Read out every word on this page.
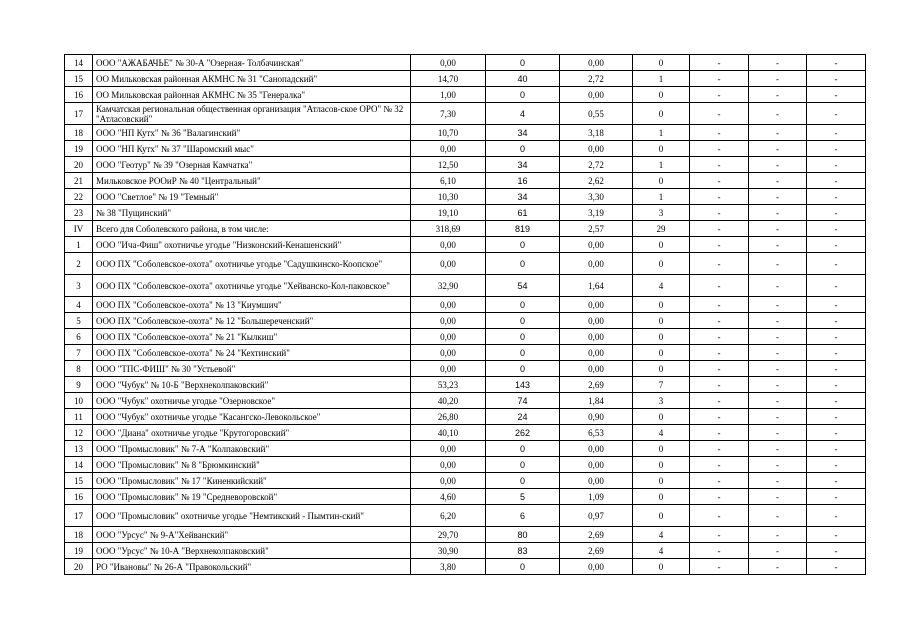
14	ООО "АЖАБАЧЬЕ" № 30-А "Озерная- Толбачинская"	0,00	0	0,00	0	-	-	-
15	ОО Мильковская районная АКМНС № 31 "Санопадский"	14,70	40	2,72	1	-	-	-
16	ОО Мильковская районная АКМНС № 35 "Генералка"	1,00	0	0,00	0	-	-	-
17	Камчатская региональная общественная организация "Атласов-ское ОРО" № 32 "Атласовский"	7,30	4	0,55	0	-	-	-
18	ООО "НП Кутх" № 36 "Валагинский"	10,70	34	3,18	1	-	-	-
19	ООО "НП Кутх" № 37 "Шаромский мыс"	0,00	0	0,00	0	-	-	-
20	ООО "Геотур" № 39 "Озерная Камчатка"	12,50	34	2,72	1	-	-	-
21	Мильковское РООиР № 40 "Центральный"	6,10	16	2,62	0	-	-	-
22	ООО "Светлое" № 19 "Темный"	10,30	34	3,30	1	-	-	-
23	№ 38 "Пущинский"	19,10	61	3,19	3	-	-	-
IV	Всего для Соболевского района, в том числе:	318,69	819	2,57	29	-	-	-
1	ООО "Ича-Фиш" охотничье угодье "Низконский-Кенашенский"	0,00	0	0,00	0	-	-	-
2	ООО ПХ "Соболевское-охота" охотничье угодье "Садушкинско-Коопское"	0,00	0	0,00	0	-	-	-
3	ООО ПХ "Соболевское-охота" охотничье угодье "Хейванско-Кол-паковское"	32,90	54	1,64	4	-	-	-
4	ООО ПХ "Соболевское-охота" № 13 "Киумшич"	0,00	0	0,00	0	-	-	-
5	ООО ПХ "Соболевское-охота" № 12 "Большереченский"	0,00	0	0,00	0	-	-	-
6	ООО ПХ "Соболевское-охота" № 21 "Кылкиш"	0,00	0	0,00	0	-	-	-
7	ООО ПХ "Соболевское-охота" № 24 "Кехтинский"	0,00	0	0,00	0	-	-	-
8	ООО "ТПС-ФИШ" № 30 "Устьевой"	0,00	0	0,00	0	-	-	-
9	ООО "Чубук" № 10-Б "Верхнеколпаковский"	53,23	143	2,69	7	-	-	-
10	ООО "Чубук" охотничье угодье "Озерновское"	40,20	74	1,84	3	-	-	-
11	ООО "Чубук" охотничье угодье "Касангско-Левокольское"	26,80	24	0,90	0	-	-	-
12	ООО "Диана" охотничье угодье "Крутогоровский"	40,10	262	6,53	4	-	-	-
13	ООО "Промысловик" № 7-А "Колпаковский"	0,00	0	0,00	0	-	-	-
14	ООО "Промысловик" № 8 "Брюмкинский"	0,00	0	0,00	0	-	-	-
15	ООО "Промысловик" № 17 "Киненкийский"	0,00	0	0,00	0	-	-	-
16	ООО "Промысловик" № 19 "Средневоровской"	4,60	5	1,09	0	-	-	-
17	ООО "Промысловик" охотничье угодье "Немтикский - Пымтин-ский"	6,20	6	0,97	0	-	-	-
18	ООО "Урсус" № 9-А"Хейванский"	29,70	80	2,69	4	-	-	-
19	ООО "Урсус" № 10-А "Верхнеколпаковский"	30,90	83	2,69	4	-	-	-
20	РО "Ивановы" № 26-А "Правокольский"	3,80	0	0,00	0	-	-	-
